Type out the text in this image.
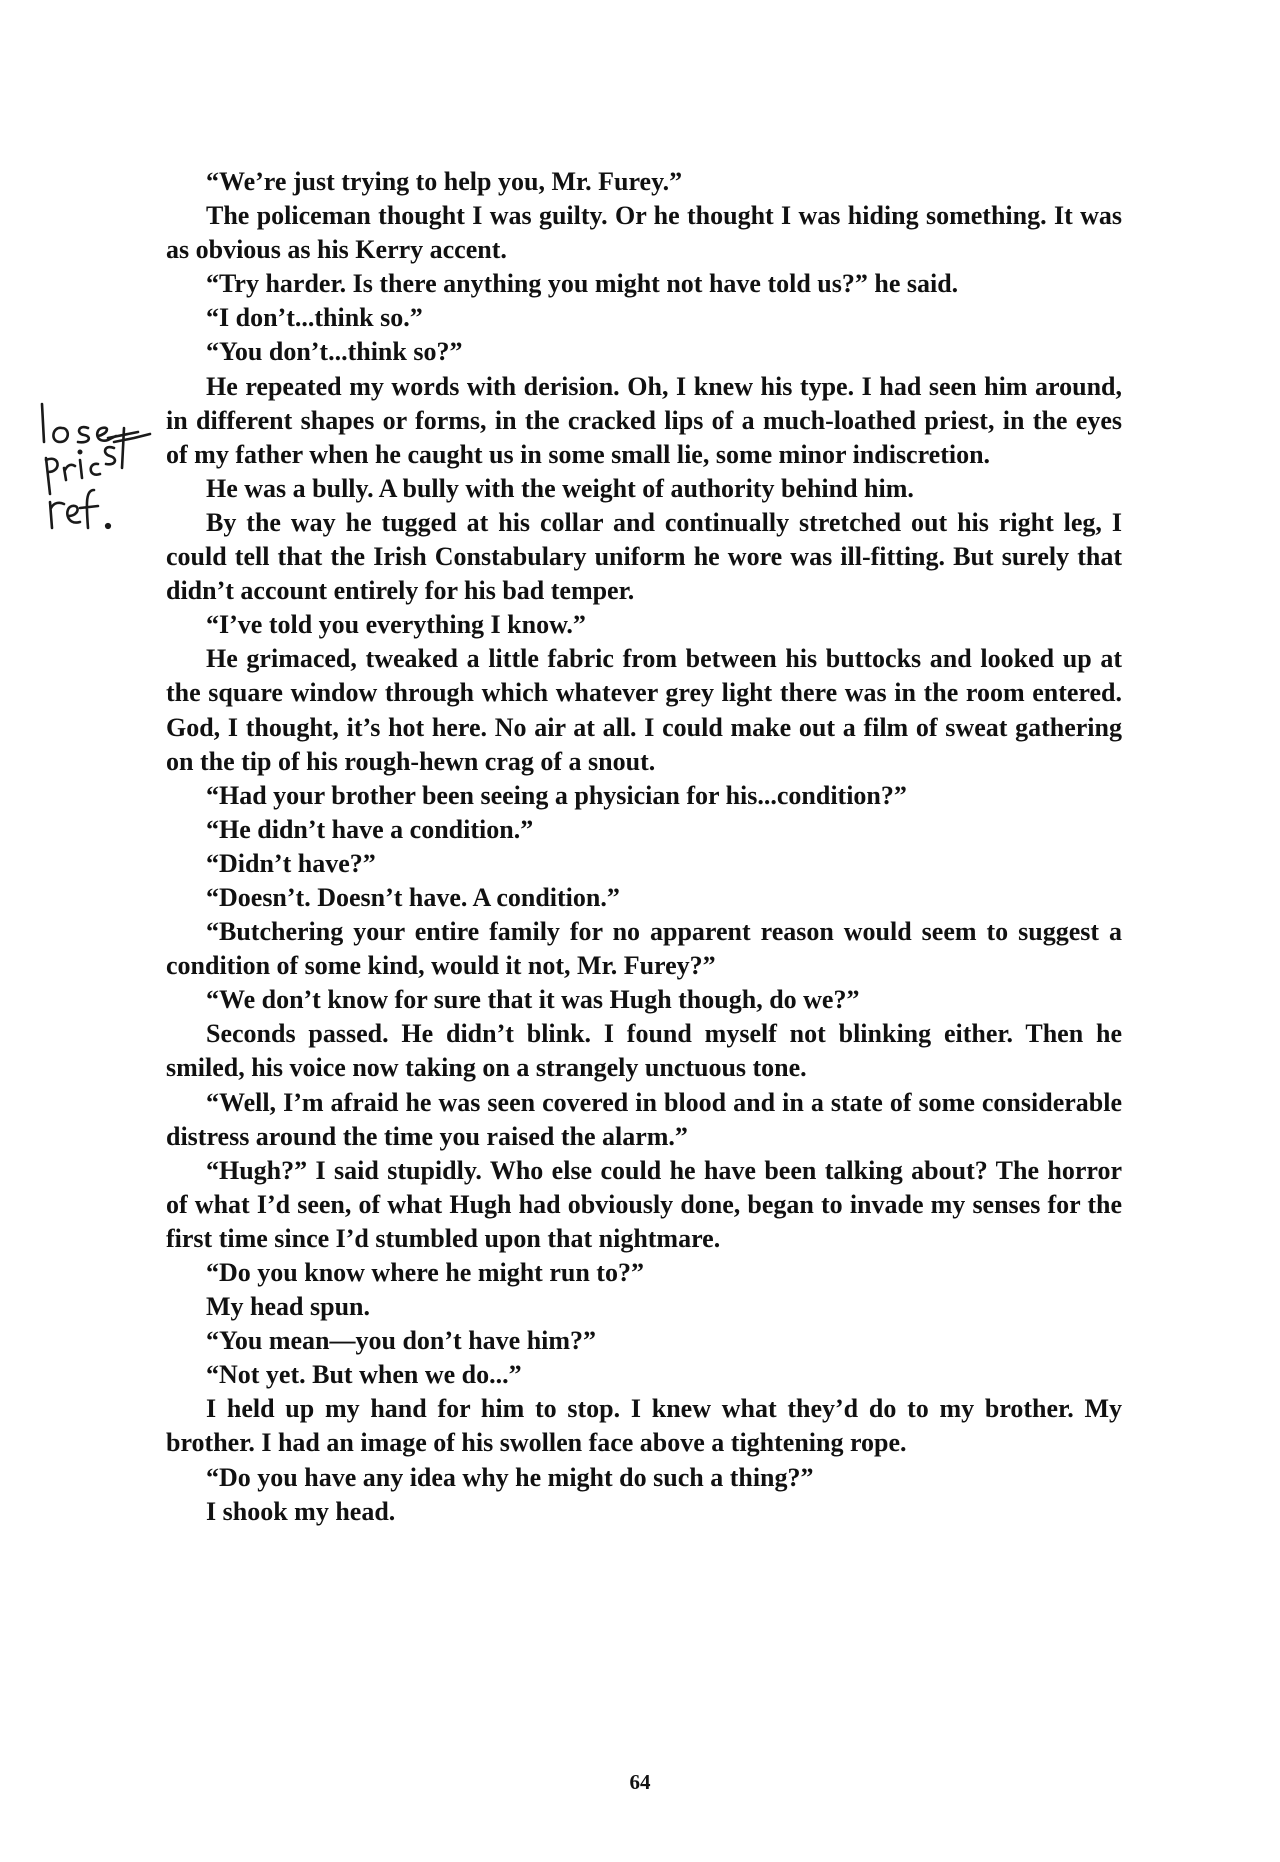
“We’re just trying to help you, Mr. Furey.”

The policeman thought I was guilty. Or he thought I was hiding something. It was as obvious as his Kerry accent.

“Try harder. Is there anything you might not have told us?” he said.

“I don’t...think so.”

“You don’t...think so?”

He repeated my words with derision. Oh, I knew his type. I had seen him around, in different shapes or forms, in the cracked lips of a much-loathed priest, in the eyes of my father when he caught us in some small lie, some minor indiscretion.

He was a bully. A bully with the weight of authority behind him.

By the way he tugged at his collar and continually stretched out his right leg, I could tell that the Irish Constabulary uniform he wore was ill-fitting. But surely that didn’t account entirely for his bad temper.

“I’ve told you everything I know.”

He grimaced, tweaked a little fabric from between his buttocks and looked up at the square window through which whatever grey light there was in the room entered. God, I thought, it’s hot here. No air at all. I could make out a film of sweat gathering on the tip of his rough-hewn crag of a snout.

“Had your brother been seeing a physician for his...condition?”

“He didn’t have a condition.”

“Didn’t have?”

“Doesn’t. Doesn’t have. A condition.”

“Butchering your entire family for no apparent reason would seem to suggest a condition of some kind, would it not, Mr. Furey?”

“We don’t know for sure that it was Hugh though, do we?”

Seconds passed. He didn’t blink. I found myself not blinking either. Then he smiled, his voice now taking on a strangely unctuous tone.

“Well, I’m afraid he was seen covered in blood and in a state of some considerable distress around the time you raised the alarm.”

“Hugh?” I said stupidly. Who else could he have been talking about? The horror of what I’d seen, of what Hugh had obviously done, began to invade my senses for the first time since I’d stumbled upon that nightmare.

“Do you know where he might run to?”

My head spun.

“You mean—you don’t have him?”

“Not yet. But when we do...”

I held up my hand for him to stop. I knew what they’d do to my brother. My brother. I had an image of his swollen face above a tightening rope.

“Do you have any idea why he might do such a thing?”

I shook my head.

64
